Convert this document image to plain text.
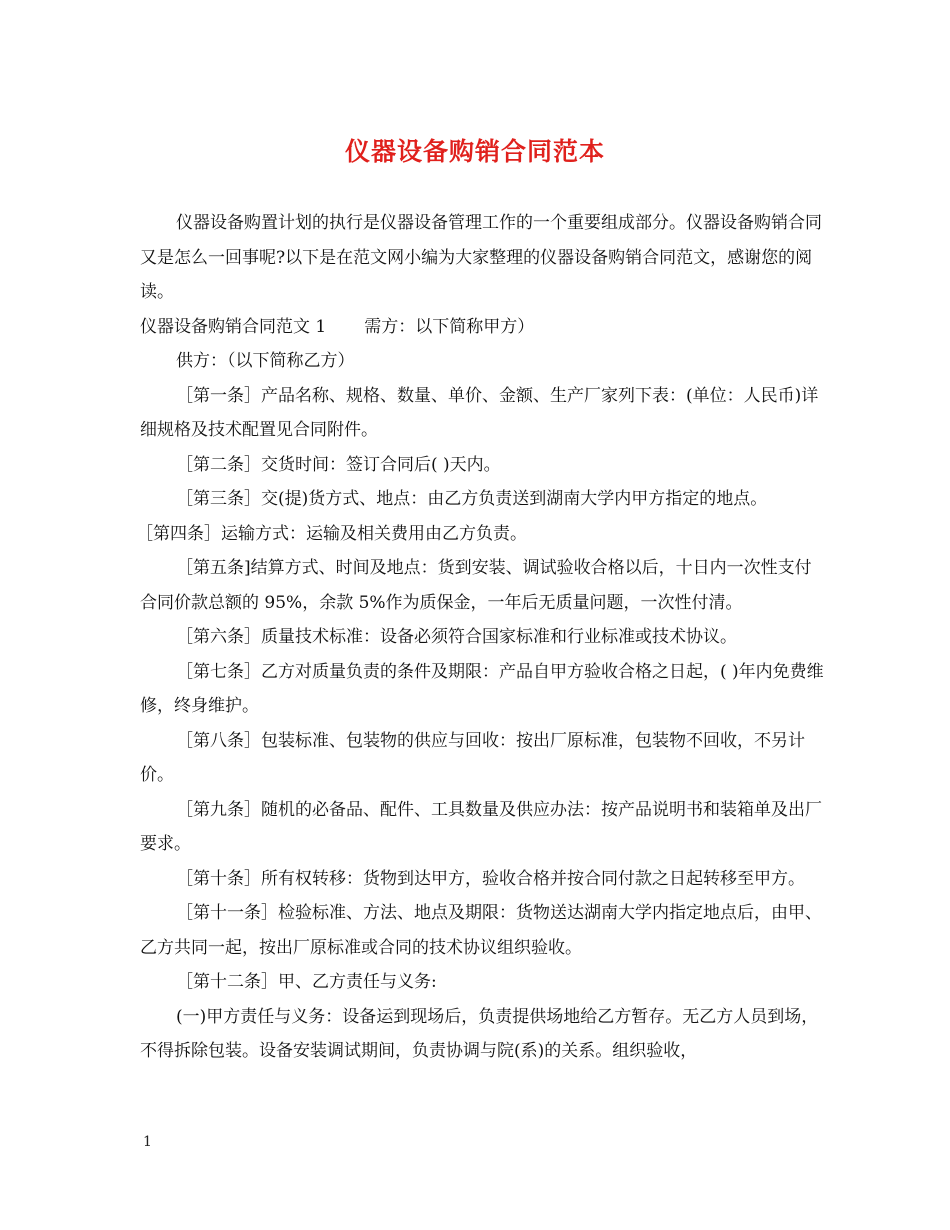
仪器设备购销合同范本

仪器设备购置计划的执行是仪器设备管理工作的一个重要组成部分。仪器设备购销合同又是怎么一回事呢?以下是在范文网小编为大家整理的仪器设备购销合同范文，感谢您的阅读。

仪器设备购销合同范文 1 需方：以下简称甲方）

供方：（以下简称乙方）

［第一条］产品名称、规格、数量、单价、金额、生产厂家列下表：(单位：人民币)详细规格及技术配置见合同附件。

［第二条］交货时间：签订合同后( )天内。

［第三条］交(提)货方式、地点：由乙方负责送到湖南大学内甲方指定的地点。

［第四条］运输方式：运输及相关费用由乙方负责。

［第五条]结算方式、时间及地点：货到安装、调试验收合格以后，十日内一次性支付合同价款总额的 95%，余款 5%作为质保金，一年后无质量问题，一次性付清。

［第六条］质量技术标准：设备必须符合国家标准和行业标准或技术协议。

［第七条］乙方对质量负责的条件及期限：产品自甲方验收合格之日起，( )年内免费维修，终身维护。

［第八条］包装标准、包装物的供应与回收：按出厂原标准，包装物不回收，不另计价。

［第九条］随机的必备品、配件、工具数量及供应办法：按产品说明书和装箱单及出厂要求。

［第十条］所有权转移：货物到达甲方，验收合格并按合同付款之日起转移至甲方。

［第十一条］检验标准、方法、地点及期限：货物送达湖南大学内指定地点后，由甲、乙方共同一起，按出厂原标准或合同的技术协议组织验收。

［第十二条］甲、乙方责任与义务:

(一)甲方责任与义务：设备运到现场后，负责提供场地给乙方暂存。无乙方人员到场，不得拆除包装。设备安装调试期间，负责协调与院(系)的关系。组织验收，

1
